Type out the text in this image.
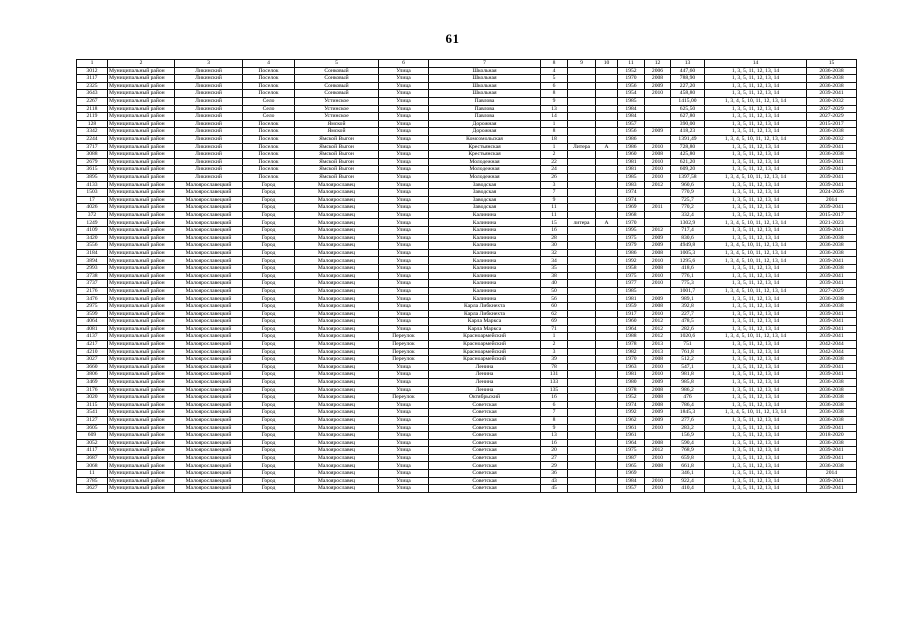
61
1	2	3	4	5	6	7	8	9	10	11	12	13	14	15
3012	Муниципальный район	Ликинский	Поселок	Сонковый	Улица	Школьная	4			1952	2006	447,60	1, 3, 5, 11, 12, 13, 14	2036-2038
3117	Муниципальный район	Ликинский	Поселок	Сонковый	Улица	Школьная	5			1970	2008	788,90	1, 3, 5, 11, 12, 13, 14	2036-2038
2325	Муниципальный район	Ликинский	Поселок	Сонковый	Улица	Школьная	6			1956	2009	227,20	1, 3, 5, 11, 12, 13, 14	2036-2038
3643	Муниципальный район	Ликинский	Поселок	Сонковый	Улица	Школьная	8			1954	2010	458,80	1, 3, 5, 11, 12, 13, 14	2039-2041
2267	Муниципальный район	Ликинский	Село	Устинское	Улица	Павлова	9			1985		1415,00	1, 3, 4, 5, 10, 11, 12, 13, 14	2030-2032
2118	Муниципальный район	Ликинский	Село	Устинское	Улица	Павлова	13			1984		625,50	1, 3, 5, 11, 12, 13, 14	2027-2029
2119	Муниципальный район	Ликинский	Село	Устинское	Улица	Павлова	14			1984		627,80	1, 3, 5, 11, 12, 13, 14	2027-2029
128	Муниципальный район	Ликинский	Поселок	Ямской	Улица	Дорожная	1			1957		390,00	1, 3, 5, 11, 12, 13, 14	2015-2017
3342	Муниципальный район	Ликинский	Поселок	Ямской	Улица	Дорожная	8			1956	2009	418,23	1, 3, 5, 11, 12, 13, 14	2036-2038
2244	Муниципальный район	Ликинский	Поселок	Ямской Выгон	Улица	Комсомольская	18			1986		1391,49	1, 3, 4, 5, 10, 11, 12, 13, 14	2030-2032
3717	Муниципальный район	Ликинский	Поселок	Ямской Выгон	Улица	Крестьянская	1	Литера	А	1986	2010	728,80	1, 3, 5, 11, 12, 13, 14	2039-2041
3088	Муниципальный район	Ликинский	Поселок	Ямской Выгон	Улица	Крестьянская	2			1960	2008	425,80	1, 3, 5, 11, 12, 13, 14	2036-2038
2679	Муниципальный район	Ликинский	Поселок	Ямской Выгон	Улица	Молодежная	22			1981	2010	621,20	1, 3, 5, 11, 12, 13, 14	2039-2041
3615	Муниципальный район	Ликинский	Поселок	Ямской Выгон	Улица	Молодежная	24			1981	2010	609,20	1, 3, 5, 11, 12, 13, 14	2039-2041
3895	Муниципальный район	Ликинский	Поселок	Ямской Выгон	Улица	Молодежная	26			1985	2010	1397,58	1, 3, 4, 5, 10, 11, 12, 13, 14	2039-2041
4133	Муниципальный район	Малоярославецкий	Город	Малоярославец	Улица	Заводская	3			1983	2012	960,6	1, 3, 5, 11, 12, 13, 14	2039-2041
1503	Муниципальный район	Малоярославецкий	Город	Малоярославец	Улица	Заводская	7			1974		770,9	1, 3, 5, 11, 12, 13, 14	2024-2026
17	Муниципальный район	Малоярославецкий	Город	Малоярославец	Улица	Заводская	9			1974		725,7	1, 3, 5, 11, 12, 13, 14	2014
4026	Муниципальный район	Малоярославецкий	Город	Малоярославец	Улица	Заводская	11			1969	2011	770,2	1, 3, 5, 11, 12, 13, 14	2039-2041
372	Муниципальный район	Малоярославецкий	Город	Малоярославец	Улица	Калинина	11			1968		332,4	1, 3, 5, 11, 12, 13, 14	2015-2017
1249	Муниципальный район	Малоярославецкий	Город	Малоярославец	Улица	Калинина	15	литера	А	1970		1302,9	1, 3, 4, 5, 10, 11, 12, 13, 14	2021-2023
4109	Муниципальный район	Малоярославецкий	Город	Малоярославец	Улица	Калинина	16			1995	2012	717,4	1, 3, 5, 11, 12, 13, 14	2039-2041
3420	Муниципальный район	Малоярославецкий	Город	Малоярославец	Улица	Калинина	28			1975	2009	830,6	1, 3, 5, 11, 12, 13, 14	2036-2038
3556	Муниципальный район	Малоярославецкий	Город	Малоярославец	Улица	Калинина	30			1979	2009	4949,8	1, 3, 4, 5, 10, 11, 12, 13, 14	2036-2038
3184	Муниципальный район	Малоярославецкий	Город	Малоярославец	Улица	Калинина	32			1986	2008	1005,3	1, 3, 4, 5, 10, 11, 12, 13, 14	2036-2038
3894	Муниципальный район	Малоярославецкий	Город	Малоярославец	Улица	Калинина	34			1992	2010	1295,6	1, 3, 4, 5, 10, 11, 12, 13, 14	2039-2041
2993	Муниципальный район	Малоярославецкий	Город	Малоярославец	Улица	Калинина	35			1958	2008	418,6	1, 3, 5, 11, 12, 13, 14	2036-2038
3738	Муниципальный район	Малоярославецкий	Город	Малоярославец	Улица	Калинина	38			1975	2010	776,1	1, 3, 5, 11, 12, 13, 14	2039-2041
3737	Муниципальный район	Малоярославецкий	Город	Малоярославец	Улица	Калинина	40			1977	2010	775,3	1, 3, 5, 11, 12, 13, 14	2039-2041
2176	Муниципальный район	Малоярославецкий	Город	Малоярославец	Улица	Калинина	50			1985		1001,7	1, 3, 4, 5, 10, 11, 12, 13, 14	2027-2029
3476	Муниципальный район	Малоярославецкий	Город	Малоярославец	Улица	Калинина	56			1981	2009	989,1	1, 3, 5, 11, 12, 13, 14	2036-2038
2975	Муниципальный район	Малоярославецкий	Город	Малоярославец	Улица	Карла Либкнехта	60			1959	2008	392,8	1, 3, 5, 11, 12, 13, 14	2036-2038
3599	Муниципальный район	Малоярославецкий	Город	Малоярославец	Улица	Карла Либкнехта	62			1917	2010	227,7	1, 3, 5, 11, 12, 13, 14	2039-2041
4064	Муниципальный район	Малоярославецкий	Город	Малоярославец	Улица	Карла Маркса	69			1960	2012	478,5	1, 3, 5, 11, 12, 13, 14	2039-2041
4081	Муниципальный район	Малоярославецкий	Город	Малоярославец	Улица	Карла Маркса	71			1964	2012	282,6	1, 3, 5, 11, 12, 13, 14	2039-2041
4137	Муниципальный район	Малоярославецкий	Город	Малоярославец	Переулок	Красноармейский	1			1988	2012	1020,6	1, 3, 4, 5, 10, 11, 12, 13, 14	2039-2041
4217	Муниципальный район	Малоярославецкий	Город	Малоярославец	Переулок	Красноармейский	2			1978	2013	751	1, 3, 5, 11, 12, 13, 14	2042-2044
4210	Муниципальный район	Малоярославецкий	Город	Малоярославец	Переулок	Красноармейский	3			1982	2013	761,8	1, 3, 5, 11, 12, 13, 14	2042-2044
3027	Муниципальный район	Малоярославецкий	Город	Малоярославец	Переулок	Красноармейский	39			1970	2008	512,2	1, 3, 5, 11, 12, 13, 14	2036-2038
3660	Муниципальный район	Малоярославецкий	Город	Малоярославец	Улица	Ленина	78			1963	2010	547,1	1, 3, 5, 11, 12, 13, 14	2039-2041
3806	Муниципальный район	Малоярославецкий	Город	Малоярославец	Улица	Ленина	131			1981	2010	981,8	1, 3, 5, 11, 12, 13, 14	2039-2041
3469	Муниципальный район	Малоярославецкий	Город	Малоярославец	Улица	Ленина	133			1980	2009	985,8	1, 3, 5, 11, 12, 13, 14	2036-2038
3176	Муниципальный район	Малоярославецкий	Город	Малоярославец	Улица	Ленина	135			1978	2008	986,2	1, 3, 5, 11, 12, 13, 14	2036-2038
3020	Муниципальный район	Малоярославецкий	Город	Малоярославец	Переулок	Октябрьский	16			1952	2008	476	1, 3, 5, 11, 12, 13, 14	2036-2038
3115	Муниципальный район	Малоярославецкий	Город	Малоярославец	Улица	Советская	6			1974	2008	786,4	1, 3, 5, 11, 12, 13, 14	2036-2038
3541	Муниципальный район	Малоярославецкий	Город	Малоярославец	Улица	Советская	7			1992	2009	1845,3	1, 3, 4, 5, 10, 11, 12, 13, 14	2036-2038
3127	Муниципальный район	Малоярославецкий	Город	Малоярославец	Улица	Советская	8			1962	2009	277,6	1, 3, 5, 11, 12, 13, 14	2036-2038
3605	Муниципальный район	Малоярославецкий	Город	Малоярославец	Улица	Советская	9			1961	2010	283,2	1, 3, 5, 11, 12, 13, 14	2039-2041
609	Муниципальный район	Малоярославецкий	Город	Малоярославец	Улица	Советская	13			1961		156,9	1, 3, 5, 11, 12, 13, 14	2018-2020
3052	Муниципальный район	Малоярославецкий	Город	Малоярославец	Улица	Советская	16			1964	2008	590,4	1, 3, 5, 11, 12, 13, 14	2036-2038
4117	Муниципальный район	Малоярославецкий	Город	Малоярославец	Улица	Советская	20			1975	2012	768,9	1, 3, 5, 11, 12, 13, 14	2039-2041
3687	Муниципальный район	Малоярославецкий	Город	Малоярославец	Улица	Советская	27			1987	2010	659,8	1, 3, 5, 11, 12, 13, 14	2039-2041
3068	Муниципальный район	Малоярославецкий	Город	Малоярославец	Улица	Советская	29			1965	2008	661,8	1, 3, 5, 11, 12, 13, 14	2036-2038
11	Муниципальный район	Малоярославецкий	Город	Малоярославец	Улица	Советская	36			1969		346,1	1, 3, 5, 11, 12, 13, 14	2014
3785	Муниципальный район	Малоярославецкий	Город	Малоярославец	Улица	Советская	43			1984	2010	922,4	1, 3, 5, 11, 12, 13, 14	2039-2041
3627	Муниципальный район	Малоярославецкий	Город	Малоярославец	Улица	Советская	45			1957	2010	410,4	1, 3, 5, 11, 12, 13, 14	2039-2041
